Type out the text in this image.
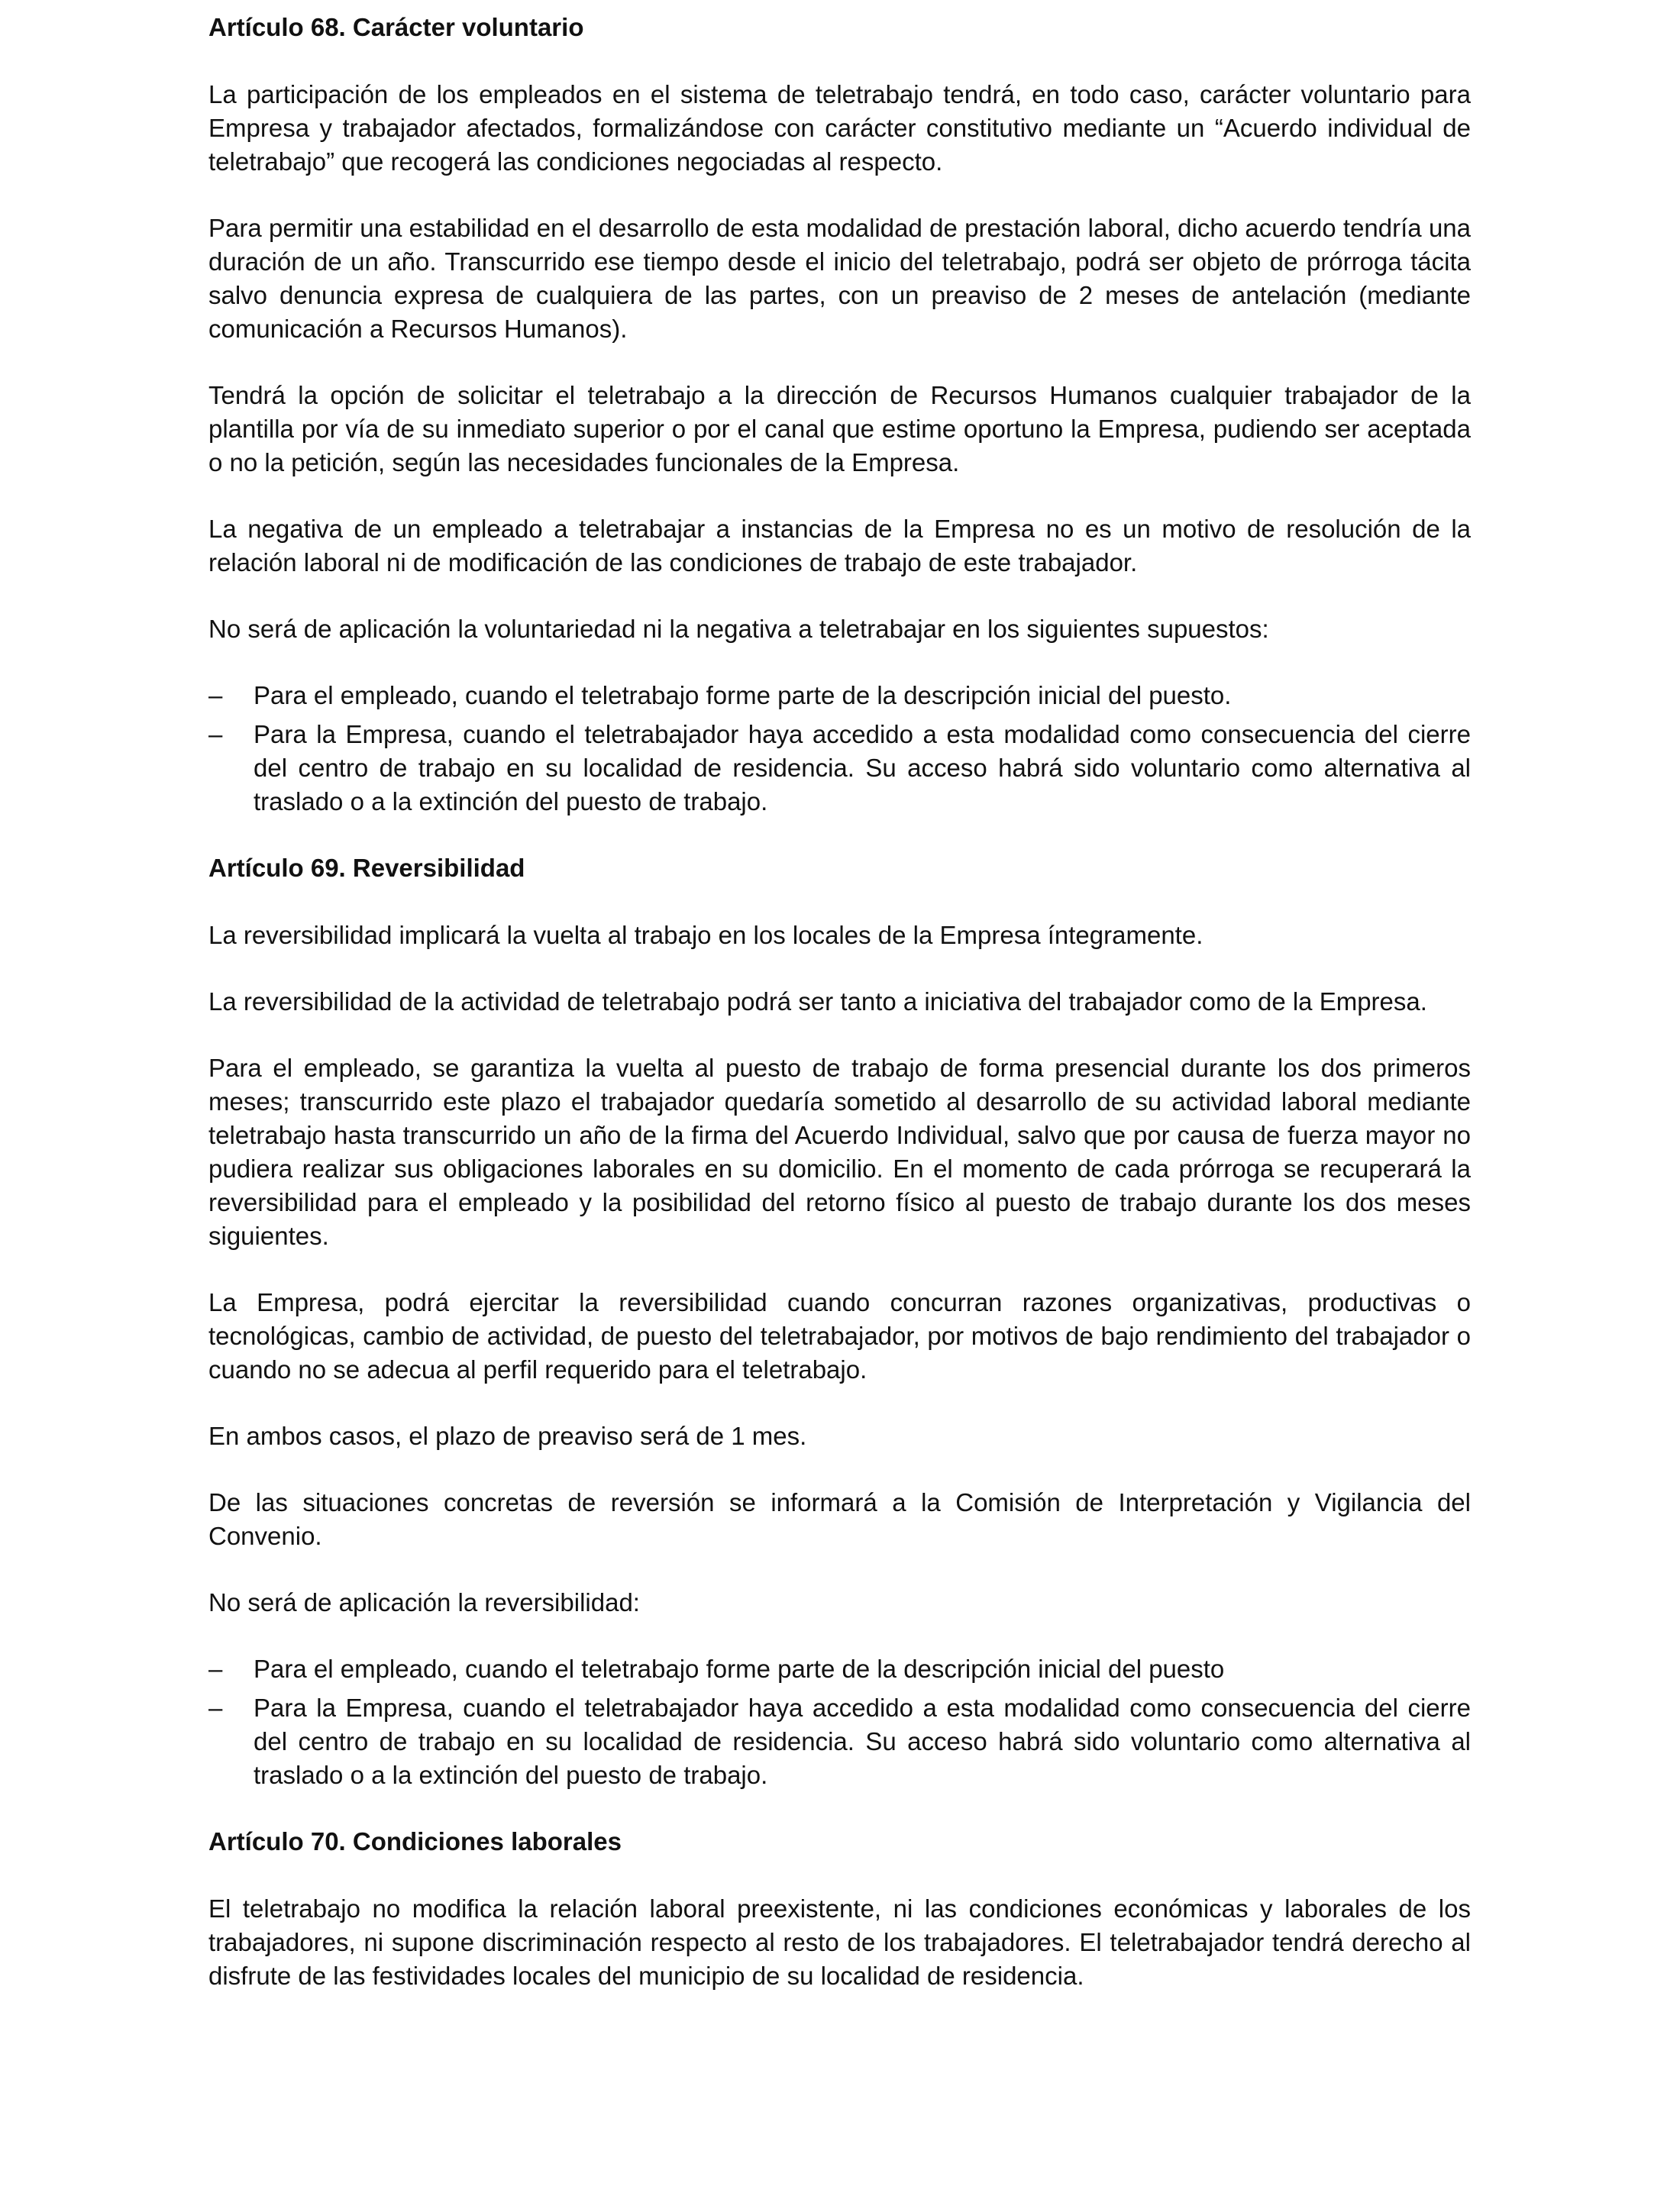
Artículo 68. Carácter voluntario

La participación de los empleados en el sistema de teletrabajo tendrá, en todo caso, carácter voluntario para Empresa y trabajador afectados, formalizándose con carácter constitutivo mediante un “Acuerdo individual de teletrabajo” que recogerá las condiciones negociadas al respecto.

Para permitir una estabilidad en el desarrollo de esta modalidad de prestación laboral, dicho acuerdo tendría una duración de un año. Transcurrido ese tiempo desde el inicio del teletrabajo, podrá ser objeto de prórroga tácita salvo denuncia expresa de cualquiera de las partes, con un preaviso de 2 meses de antelación (mediante comunicación a Recursos Humanos).

Tendrá la opción de solicitar el teletrabajo a la dirección de Recursos Humanos cualquier trabajador de la plantilla por vía de su inmediato superior o por el canal que estime oportuno la Empresa, pudiendo ser aceptada o no la petición, según las necesidades funcionales de la Empresa.

La negativa de un empleado a teletrabajar a instancias de la Empresa no es un motivo de resolución de la relación laboral ni de modificación de las condiciones de trabajo de este trabajador.

No será de aplicación la voluntariedad ni la negativa a teletrabajar en los siguientes supuestos:

–	Para el empleado, cuando el teletrabajo forme parte de la descripción inicial del puesto.
–	Para la Empresa, cuando el teletrabajador haya accedido a esta modalidad como consecuencia del cierre del centro de trabajo en su localidad de residencia. Su acceso habrá sido voluntario como alternativa al traslado o a la extinción del puesto de trabajo.
Artículo 69. Reversibilidad

La reversibilidad implicará la vuelta al trabajo en los locales de la Empresa íntegramente.

La reversibilidad de la actividad de teletrabajo podrá ser tanto a iniciativa del trabajador como de la Empresa.

Para el empleado, se garantiza la vuelta al puesto de trabajo de forma presencial durante los dos primeros meses; transcurrido este plazo el trabajador quedaría sometido al desarrollo de su actividad laboral mediante teletrabajo hasta transcurrido un año de la firma del Acuerdo Individual, salvo que por causa de fuerza mayor no pudiera realizar sus obligaciones laborales en su domicilio. En el momento de cada prórroga se recuperará la reversibilidad para el empleado y la posibilidad del retorno físico al puesto de trabajo durante los dos meses siguientes.

La Empresa, podrá ejercitar la reversibilidad cuando concurran razones organizativas, productivas o tecnológicas, cambio de actividad, de puesto del teletrabajador, por motivos de bajo rendimiento del trabajador o cuando no se adecua al perfil requerido para el teletrabajo.

En ambos casos, el plazo de preaviso será de 1 mes.

De las situaciones concretas de reversión se informará a la Comisión de Interpretación y Vigilancia del Convenio.

No será de aplicación la reversibilidad:

–	Para el empleado, cuando el teletrabajo forme parte de la descripción inicial del puesto
–	Para la Empresa, cuando el teletrabajador haya accedido a esta modalidad como consecuencia del cierre del centro de trabajo en su localidad de residencia. Su acceso habrá sido voluntario como alternativa al traslado o a la extinción del puesto de trabajo.
Artículo 70. Condiciones laborales

El teletrabajo no modifica la relación laboral preexistente, ni las condiciones económicas y laborales de los trabajadores, ni supone discriminación respecto al resto de los trabajadores. El teletrabajador tendrá derecho al disfrute de las festividades locales del municipio de su localidad de residencia.
